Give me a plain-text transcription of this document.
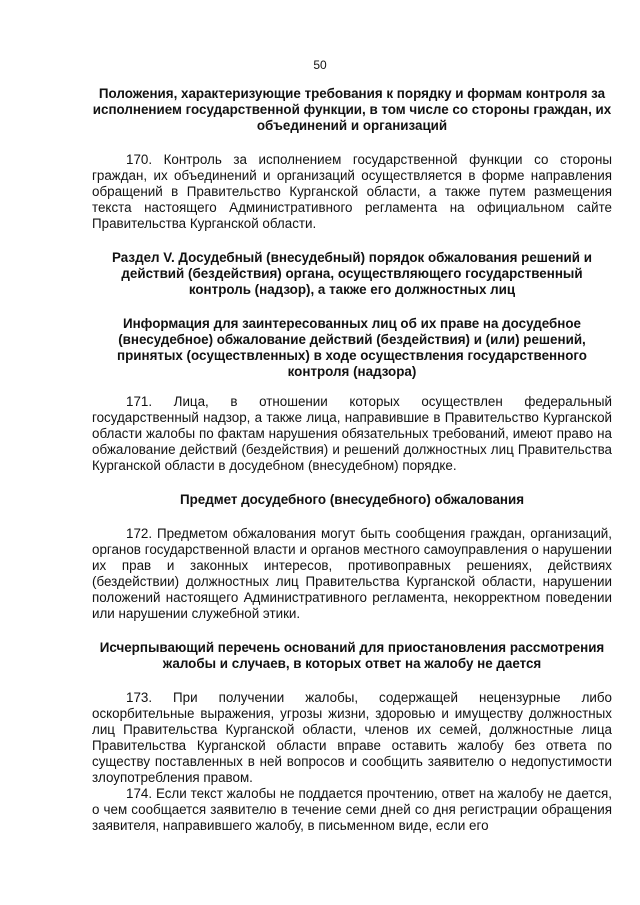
50
Положения, характеризующие требования к порядку и формам контроля за исполнением государственной функции, в том числе со стороны граждан, их объединений и организаций

170. Контроль за исполнением государственной функции со стороны граждан, их объединений и организаций осуществляется в форме направления обращений в Правительство Курганской области, а также путем размещения текста настоящего Административного регламента на официальном сайте Правительства Курганской области.

Раздел V. Досудебный (внесудебный) порядок обжалования решений и действий (бездействия) органа, осуществляющего государственный контроль (надзор), а также его должностных лиц
Информация для заинтересованных лиц об их праве на досудебное (внесудебное) обжалование действий (бездействия) и (или) решений, принятых (осуществленных) в ходе осуществления государственного контроля (надзора)

171. Лица, в отношении которых осуществлен федеральный государственный надзор, а также лица, направившие в Правительство Курганской области жалобы по фактам нарушения обязательных требований, имеют право на обжалование действий (бездействия) и решений должностных лиц Правительства Курганской области в досудебном (внесудебном) порядке.

Предмет досудебного (внесудебного) обжалования

172. Предметом обжалования могут быть сообщения граждан, организаций, органов государственной власти и органов местного самоуправления о нарушении их прав и законных интересов, противоправных решениях, действиях (бездействии) должностных лиц Правительства Курганской области, нарушении положений настоящего Административного регламента, некорректном поведении или нарушении служебной этики.

Исчерпывающий перечень оснований для приостановления рассмотрения жалобы и случаев, в которых ответ на жалобу не дается

173. При получении жалобы, содержащей нецензурные либо оскорбительные выражения, угрозы жизни, здоровью и имуществу должностных лиц Правительства Курганской области, членов их семей, должностные лица Правительства Курганской области вправе оставить жалобу без ответа по существу поставленных в ней вопросов и сообщить заявителю о недопустимости злоупотребления правом.

174. Если текст жалобы не поддается прочтению, ответ на жалобу не дается, о чем сообщается заявителю в течение семи дней со дня регистрации обращения заявителя, направившего жалобу, в письменном виде, если его
